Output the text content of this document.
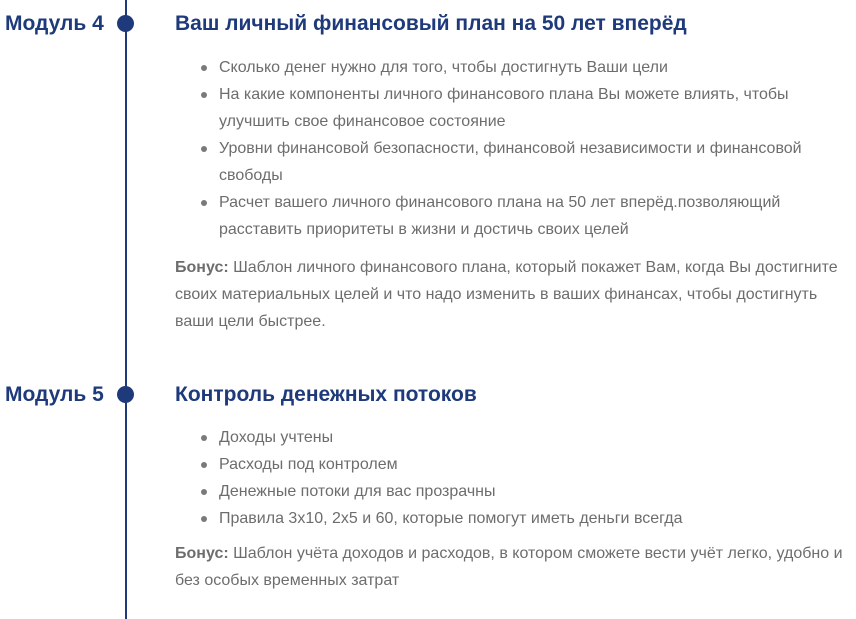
Модуль 4	Ваш личный финансовый план на 50 лет вперёд
Сколько денег нужно для того, чтобы достигнуть Ваши цели
На какие компоненты личного финансового плана Вы можете влиять, чтобы улучшить свое финансовое состояние
Уровни финансовой безопасности, финансовой независимости и финансовой свободы
Расчет вашего личного финансового плана на 50 лет вперёд.позволяющий расставить приоритеты в жизни и достичь своих целей

Бонус: Шаблон личного финансового плана, который покажет Вам, когда Вы достигните своих материальных целей и что надо изменить в ваших финансах, чтобы достигнуть ваши цели быстрее.

Модуль 5	Контроль денежных потоков
Доходы учтены
Расходы под контролем
Денежные потоки для вас прозрачны
Правила 3х10, 2х5 и 60, которые помогут иметь деньги всегда

Бонус: Шаблон учёта доходов и расходов, в котором сможете вести учёт легко, удобно и без особых временных затрат
